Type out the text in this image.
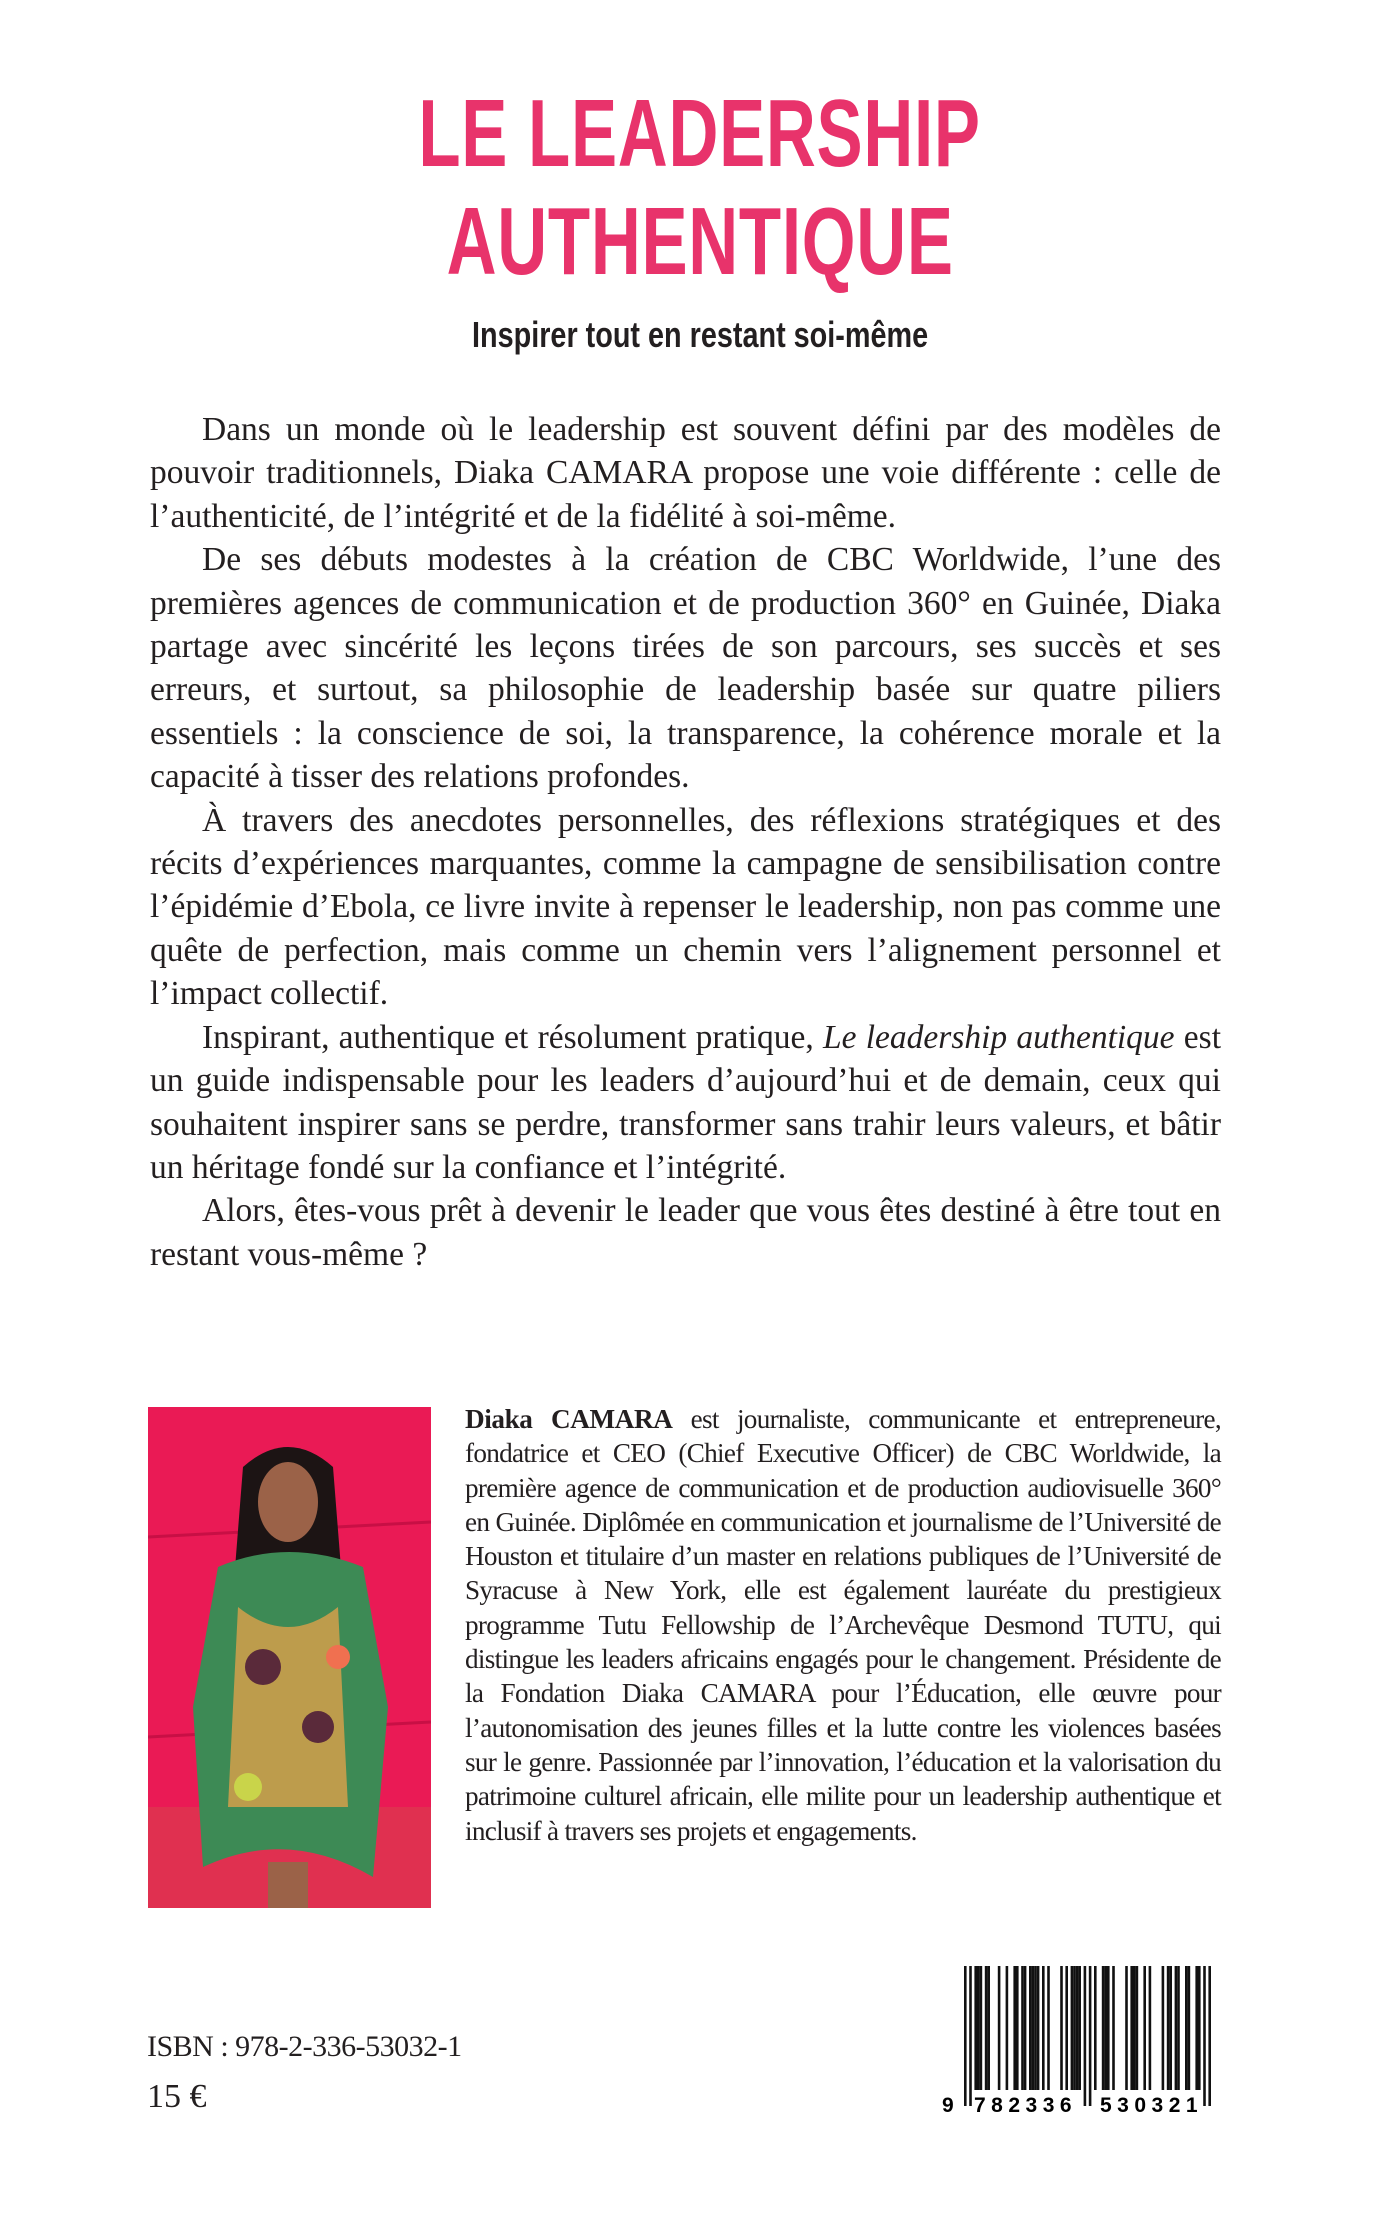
LE LEADERSHIP
AUTHENTIQUE
Inspirer tout en restant soi-même

Dans un monde où le leadership est souvent défini par des modèles de pouvoir traditionnels, Diaka CAMARA propose une voie différente : celle de l’authenticité, de l’intégrité et de la fidélité à soi-même.

De ses débuts modestes à la création de CBC Worldwide, l’une des premières agences de communication et de production 360° en Guinée, Diaka partage avec sincérité les leçons tirées de son parcours, ses succès et ses erreurs, et surtout, sa philosophie de leadership basée sur quatre piliers essentiels : la conscience de soi, la transparence, la cohérence morale et la capacité à tisser des relations profondes.

À travers des anecdotes personnelles, des réflexions stratégiques et des récits d’expériences marquantes, comme la campagne de sensibilisation contre l’épidémie d’Ebola, ce livre invite à repenser le leadership, non pas comme une quête de perfection, mais comme un chemin vers l’alignement personnel et l’impact collectif.

Inspirant, authentique et résolument pratique, Le leadership authentique est un guide indispensable pour les leaders d’aujourd’hui et de demain, ceux qui souhaitent inspirer sans se perdre, transformer sans trahir leurs valeurs, et bâtir un héritage fondé sur la confiance et l’intégrité.

Alors, êtes-vous prêt à devenir le leader que vous êtes destiné à être tout en restant vous-même ?

Diaka CAMARA est journaliste, communicante et entrepreneure, fondatrice et CEO (Chief Executive Officer) de CBC Worldwide, la première agence de communication et de production audiovisuelle 360° en Guinée. Diplômée en communication et journalisme de l’Université de Houston et titulaire d’un master en relations publiques de l’Université de Syracuse à New York, elle est également lauréate du prestigieux programme Tutu Fellowship de l’Archevêque Desmond TUTU, qui distingue les leaders africains engagés pour le changement. Présidente de la Fondation Diaka CAMARA pour l’Éducation, elle œuvre pour l’autonomisation des jeunes filles et la lutte contre les violences basées sur le genre. Passionnée par l’innovation, l’éducation et la valorisation du patrimoine culturel africain, elle milite pour un leadership authentique et inclusif à travers ses projets et engagements.
ISBN : 978-2-336-53032-1
15 €	9 782336 530321
